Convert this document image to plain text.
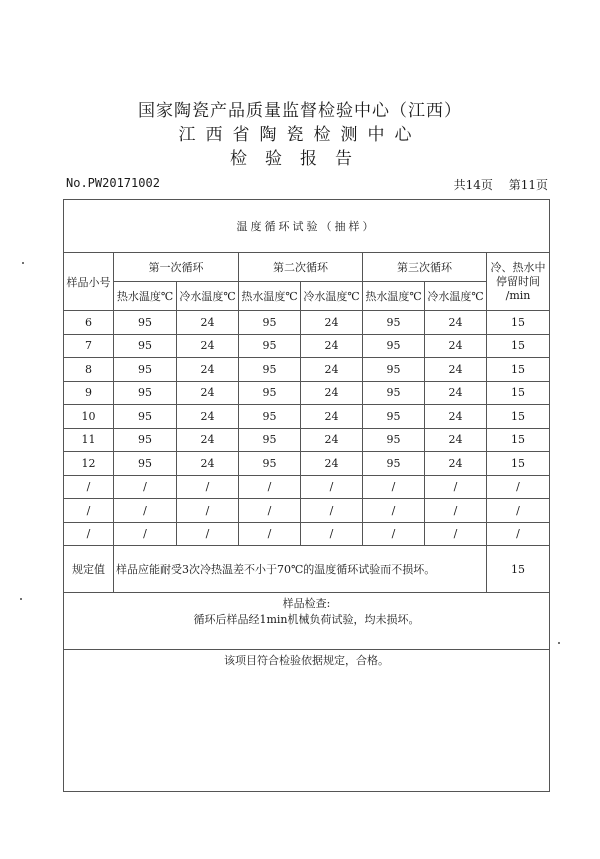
国家陶瓷产品质量监督检验中心（江西）
江西省陶瓷检测中心
检验报告
No.PW20171002	共14页 第11页
温度循环试验（抽样）							
样品小号	第一次循环		第二次循环		第三次循环		冷、热水中
停留时间
/min

	热水温度℃	冷水温度℃	热水温度℃	冷水温度℃	热水温度℃	冷水温度℃	
6	95	24	95	24	95	24	15
7	95	24	95	24	95	24	15
8	95	24	95	24	95	24	15
9	95	24	95	24	95	24	15
10	95	24	95	24	95	24	15
11	95	24	95	24	95	24	15
12	95	24	95	24	95	24	15
/	/	/	/	/	/	/	/
/	/	/	/	/	/	/	/
/	/	/	/	/	/	/	/
规定值	样品应能耐受3次冷热温差不小于70℃的温度循环试验而不损坏。						15

样品检查:
循环后样品经1min机械负荷试验，均未损坏。							

该项目符合检验依据规定，合格。							
